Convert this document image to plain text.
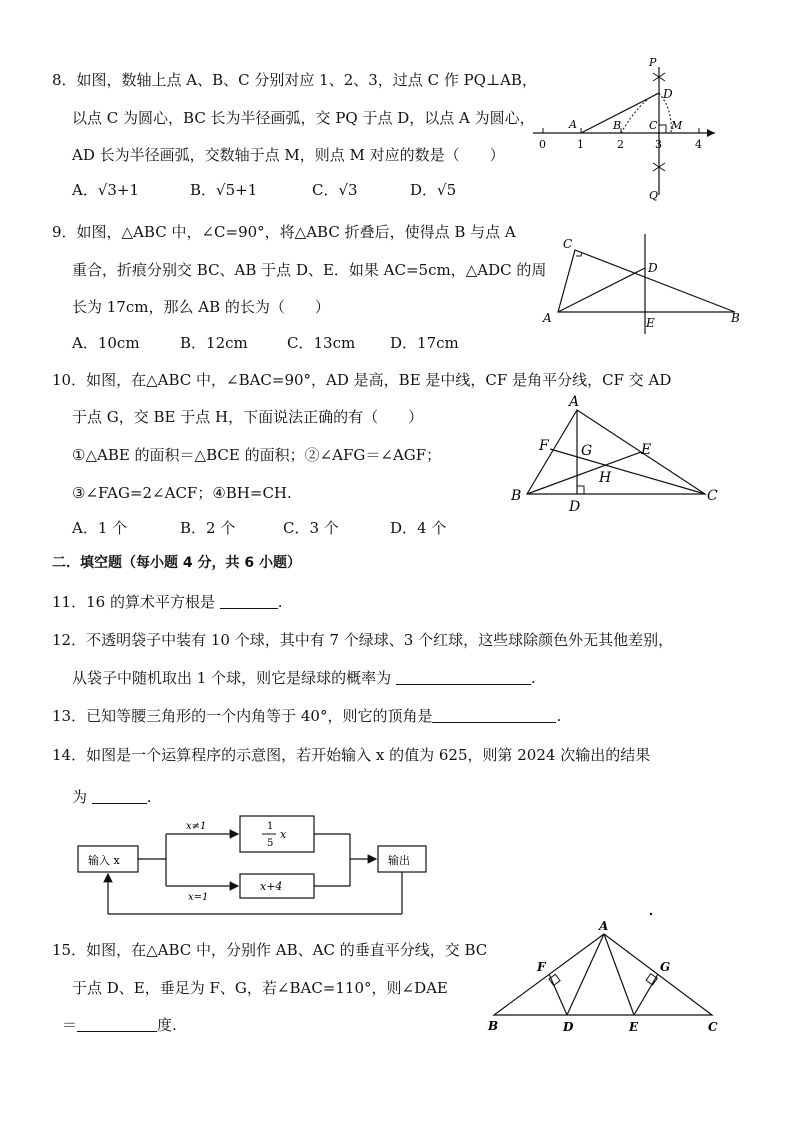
8．如图，数轴上点 A、B、C 分别对应 1、2、3，过点 C 作 PQ⊥AB，
以点 C 为圆心，BC 长为半径画弧，交 PQ 于点 D，以点 A 为圆心，
AD 长为半径画弧，交数轴于点 M，则点 M 对应的数是（　　）
A．√3+1	B．√5+1	C．√3	D．√5
P
D
A	B	C M
Q
0	1	2	3	4
9．如图，△ABC 中，∠C=90°，将△ABC 折叠后，使得点 B 与点 A
重合，折痕分别交 BC、AB 于点 D、E．如果 AC=5cm，△ADC 的周
长为 17cm，那么 AB 的长为（　　）
A．10cm	B．12cm	C．13cm D．17cm
C
D
A	E	B
10．如图，在△ABC 中，∠BAC=90°，AD 是高，BE 是中线，CF 是角平分线，CF 交 AD
于点 G，交 BE 于点 H，下面说法正确的有（　　）
①△ABE 的面积＝△BCE 的面积；②∠AFG＝∠AGF；
③∠FAG=2∠ACF；④BH=CH.
A．1 个	B．2 个	C．3 个	D．4 个
A
F G	E
H
B
D
C
二．填空题（每小题 4 分，共 6 小题）
11．16 的算术平方根是	.
12．不透明袋子中装有 10 个球，其中有 7 个绿球、3 个红球，这些球除颜色外无其他差别，
从袋子中随机取出 1 个球，则它是绿球的概率为	.
13．已知等腰三角形的一个内角等于 40°，则它的顶角是	.
14．如图是一个运算程序的示意图，若开始输入 x 的值为 625，则第 2024 次输出的结果
为	.
输入 x
x≠1
x=1
1
5
x
x+4
输出
15．如图，在△ABC 中，分别作 AB、AC 的垂直平分线，交 BC
于点 D、E，垂足为 F、G，若∠BAC=110°，则∠DAE
＝	度.
A
F	G
B	D	E	C
